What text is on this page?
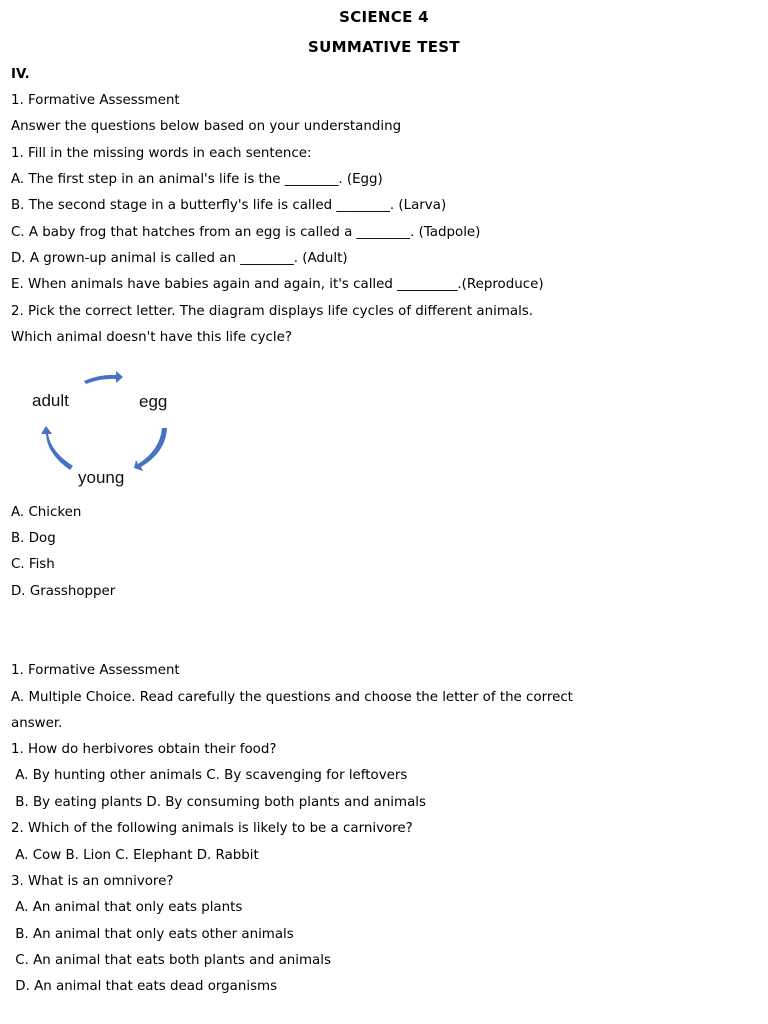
SCIENCE 4
SUMMATIVE TEST
IV.
1. Formative Assessment
Answer the questions below based on your understanding
1. Fill in the missing words in each sentence:
A. The first step in an animal's life is the ________. (Egg)
B. The second stage in a butterfly's life is called ________. (Larva)
C. A baby frog that hatches from an egg is called a ________. (Tadpole)
D. A grown-up animal is called an ________. (Adult)
E. When animals have babies again and again, it's called _________.(Reproduce)
2. Pick the correct letter. The diagram displays life cycles of different animals.
Which animal doesn't have this life cycle?
adult	egg
young
A. Chicken
B. Dog
C. Fish
D. Grasshopper
1. Formative Assessment
A. Multiple Choice. Read carefully the questions and choose the letter of the correct
answer.
1. How do herbivores obtain their food?
A. By hunting other animals C. By scavenging for leftovers
B. By eating plants D. By consuming both plants and animals
2. Which of the following animals is likely to be a carnivore?
A. Cow B. Lion C. Elephant D. Rabbit
3. What is an omnivore?
A. An animal that only eats plants
B. An animal that only eats other animals
C. An animal that eats both plants and animals
D. An animal that eats dead organisms
